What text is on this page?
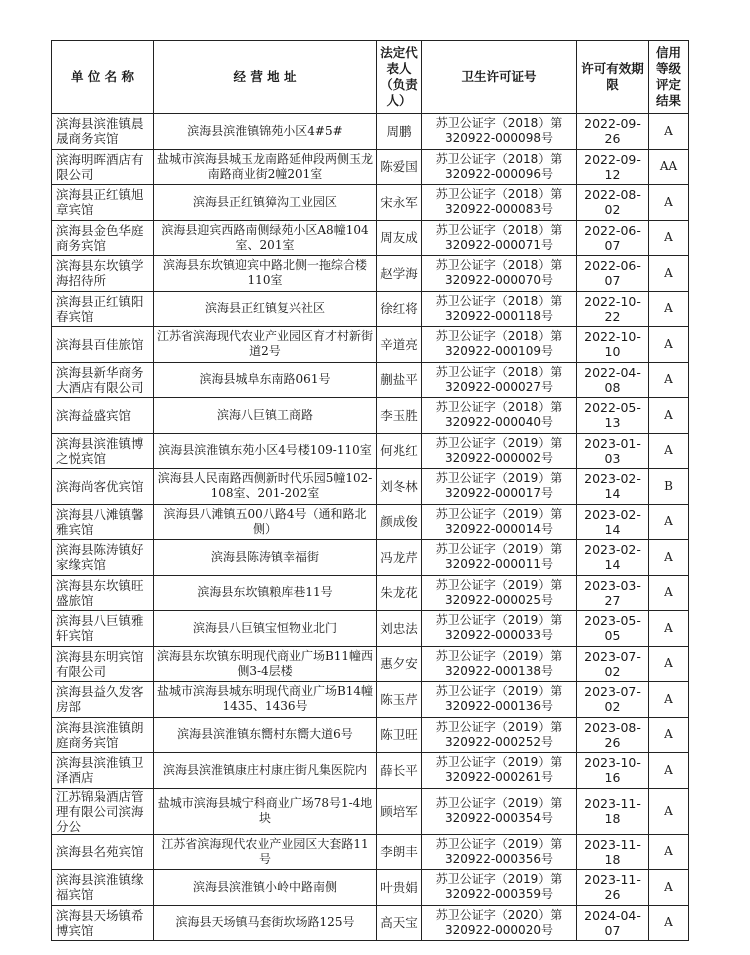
单 位 名 称	经 营 地 址	法定代表人（负责人）	卫生许可证号	许可有效期限	信用等级评定结果
滨海县滨淮镇晨晟商务宾馆	滨海县滨淮镇锦苑小区4#5#	周鹏	苏卫公证字（2018）第320922-000098号	2022-09-26	A
滨海明晖酒店有限公司	盐城市滨海县城玉龙南路延伸段两侧玉龙南路商业街2幢201室	陈爱国	苏卫公证字（2018）第320922-000096号	2022-09-12	AA
滨海县正红镇旭章宾馆	滨海县正红镇獐沟工业园区	宋永军	苏卫公证字（2018）第320922-000083号	2022-08-02	A
滨海县金色华庭商务宾馆	滨海县迎宾西路南侧绿苑小区A8幢104室、201室	周友成	苏卫公证字（2018）第320922-000071号	2022-06-07	A
滨海县东坎镇学海招待所	滨海县东坎镇迎宾中路北侧一拖综合楼110室	赵学海	苏卫公证字（2018）第320922-000070号	2022-06-07	A
滨海县正红镇阳春宾馆	滨海县正红镇复兴社区	徐红将	苏卫公证字（2018）第320922-000118号	2022-10-22	A
滨海县百佳旅馆	江苏省滨海现代农业产业园区育才村新街道2号	辛道亮	苏卫公证字（2018）第320922-000109号	2022-10-10	A
滨海县新华商务大酒店有限公司	滨海县城阜东南路061号	蒯盐平	苏卫公证字（2018）第320922-000027号	2022-04-08	A
滨海益盛宾馆	滨海八巨镇工商路	李玉胜	苏卫公证字（2018）第320922-000040号	2022-05-13	A
滨海县滨淮镇博之悦宾馆	滨海县滨淮镇东苑小区4号楼109-110室	何兆红	苏卫公证字（2019）第320922-000002号	2023-01-03	A
滨海尚客优宾馆	滨海县人民南路西侧新时代乐园5幢102-108室、201-202室	刘冬林	苏卫公证字（2019）第320922-000017号	2023-02-14	B
滨海县八滩镇馨雅宾馆	滨海县八滩镇五00八路4号（通和路北侧）	颜成俊	苏卫公证字（2019）第320922-000014号	2023-02-14	A
滨海县陈涛镇好家缘宾馆	滨海县陈涛镇幸福街	冯龙芹	苏卫公证字（2019）第320922-000011号	2023-02-14	A
滨海县东坎镇旺盛旅馆	滨海县东坎镇粮库巷11号	朱龙花	苏卫公证字（2019）第320922-000025号	2023-03-27	A
滨海县八巨镇雅轩宾馆	滨海县八巨镇宝恒物业北门	刘忠法	苏卫公证字（2019）第320922-000033号	2023-05-05	A
滨海县东明宾馆有限公司	滨海县东坎镇东明现代商业广场B11幢西侧3-4层楼	惠夕安	苏卫公证字（2019）第320922-000138号	2023-07-02	A
滨海县益久发客房部	盐城市滨海县城东明现代商业广场B14幢1435、1436号	陈玉芹	苏卫公证字（2019）第320922-000136号	2023-07-02	A
滨海县滨淮镇朗庭商务宾馆	滨海县滨淮镇东嚮村东嚮大道6号	陈卫旺	苏卫公证字（2019）第320922-000252号	2023-08-26	A
滨海县滨淮镇卫泽酒店	滨海县滨淮镇康庄村康庄街凡集医院内	薛长平	苏卫公证字（2019）第320922-000261号	2023-10-16	A
江苏锦枭酒店管理有限公司滨海分公	盐城市滨海县城宁科商业广场78号1-4地块	顾培军	苏卫公证字（2019）第320922-000354号	2023-11-18	A
滨海县名苑宾馆	江苏省滨海现代农业产业园区大套路11号	李朗丰	苏卫公证字（2019）第320922-000356号	2023-11-18	A
滨海县滨淮镇缘福宾馆	滨海县滨淮镇小岭中路南侧	叶贵娟	苏卫公证字（2019）第320922-000359号	2023-11-26	A
滨海县天场镇希博宾馆	滨海县天场镇马套街坎场路125号	高天宝	苏卫公证字（2020）第320922-000020号	2024-04-07	A
